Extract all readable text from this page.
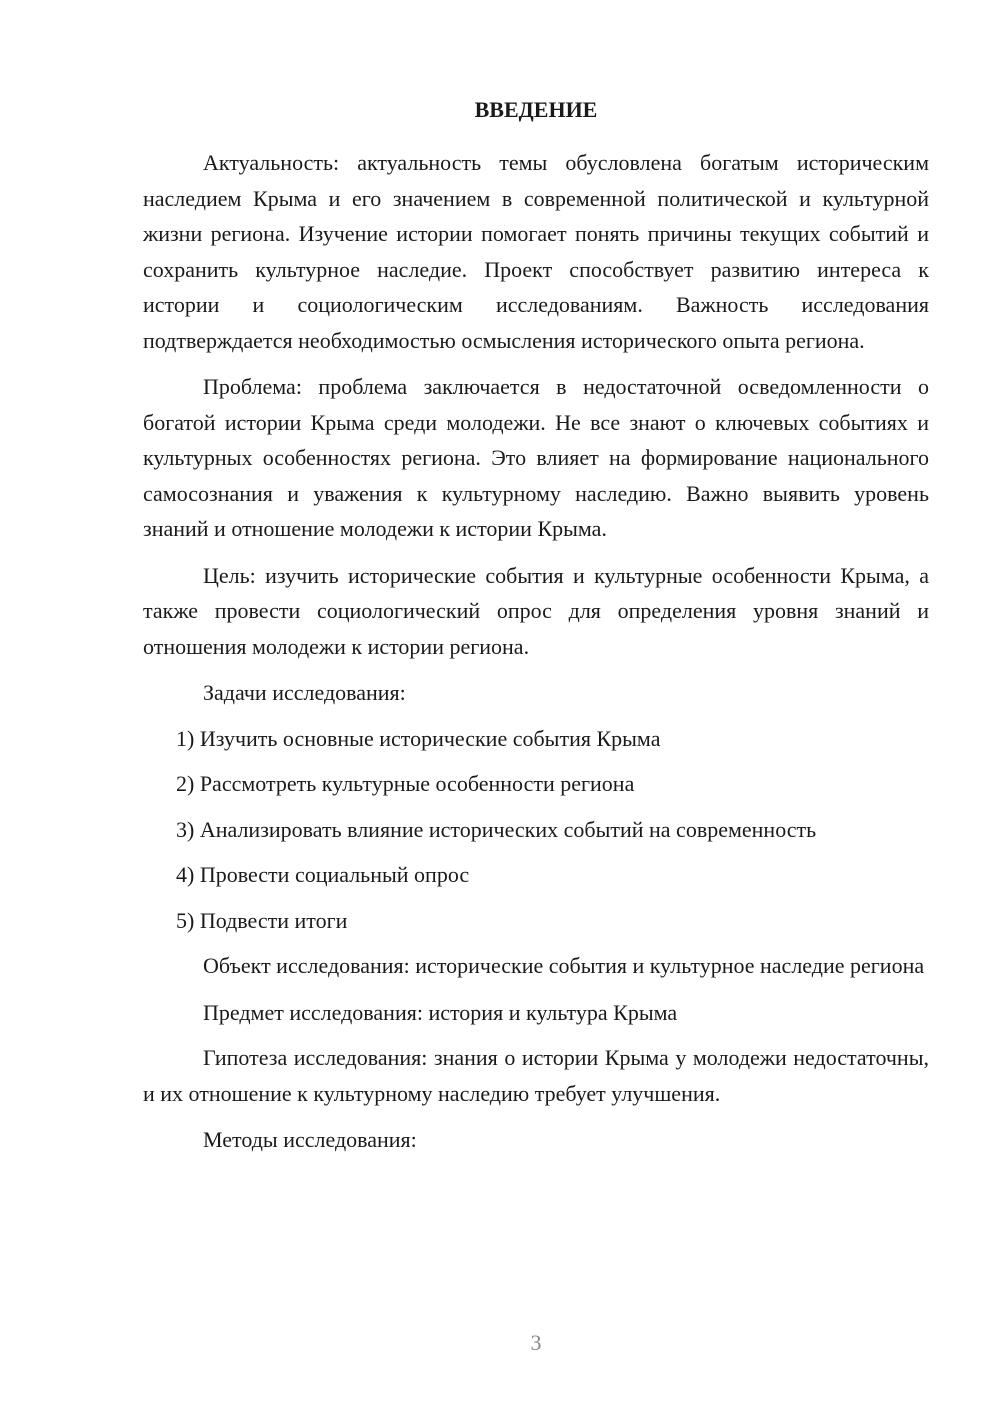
ВВЕДЕНИЕ

Актуальность: актуальность темы обусловлена богатым историческим наследием Крыма и его значением в современной политической и культурной жизни региона. Изучение истории помогает понять причины текущих событий и сохранить культурное наследие. Проект способствует развитию интереса к истории и социологическим исследованиям. Важность исследования подтверждается необходимостью осмысления исторического опыта региона.

Проблема: проблема заключается в недостаточной осведомленности о богатой истории Крыма среди молодежи. Не все знают о ключевых событиях и культурных особенностях региона. Это влияет на формирование национального самосознания и уважения к культурному наследию. Важно выявить уровень знаний и отношение молодежи к истории Крыма.

Цель: изучить исторические события и культурные особенности Крыма, а также провести социологический опрос для определения уровня знаний и отношения молодежи к истории региона.

Задачи исследования:
1) Изучить основные исторические события Крыма
2) Рассмотреть культурные особенности региона
3) Анализировать влияние исторических событий на современность
4) Провести социальный опрос
5) Подвести итоги

Объект исследования: исторические события и культурное наследие региона

Предмет исследования: история и культура Крыма

Гипотеза исследования: знания о истории Крыма у молодежи недостаточны, и их отношение к культурному наследию требует улучшения.

Методы исследования:
3
